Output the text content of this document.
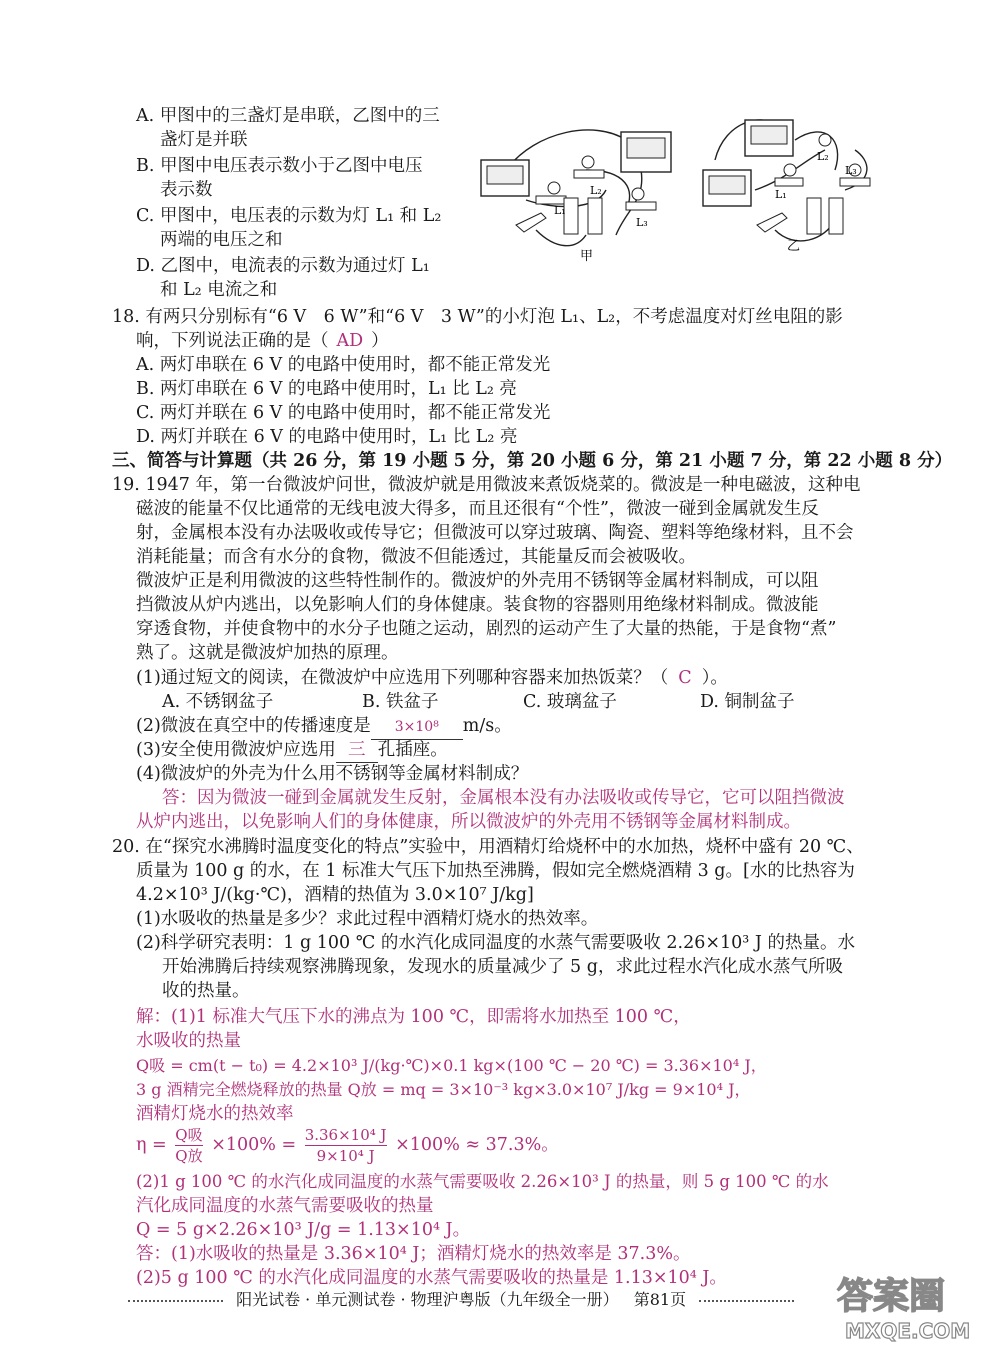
A. 甲图中的三盏灯是串联，乙图中的三
盏灯是并联
B. 甲图中电压表示数小于乙图中电压
表示数
C. 甲图中，电压表的示数为灯 L₁ 和 L₂
两端的电压之和
D. 乙图中，电流表的示数为通过灯 L₁
和 L₂ 电流之和
L₁
L₂
L₃
甲
L₁
L₂
L₃
乙
18. 有两只分别标有“6 V　6 W”和“6 V　3 W”的小灯泡 L₁、L₂，不考虑温度对灯丝电阻的影
响，下列说法正确的是（ AD ）
A. 两灯串联在 6 V 的电路中使用时，都不能正常发光
B. 两灯串联在 6 V 的电路中使用时，L₁ 比 L₂ 亮
C. 两灯并联在 6 V 的电路中使用时，都不能正常发光
D. 两灯并联在 6 V 的电路中使用时，L₁ 比 L₂ 亮
三、简答与计算题（共 26 分，第 19 小题 5 分，第 20 小题 6 分，第 21 小题 7 分，第 22 小题 8 分）
19. 1947 年，第一台微波炉问世，微波炉就是用微波来煮饭烧菜的。微波是一种电磁波，这种电
磁波的能量不仅比通常的无线电波大得多，而且还很有“个性”，微波一碰到金属就发生反
射，金属根本没有办法吸收或传导它；但微波可以穿过玻璃、陶瓷、塑料等绝缘材料，且不会
消耗能量；而含有水分的食物，微波不但能透过，其能量反而会被吸收。
微波炉正是利用微波的这些特性制作的。微波炉的外壳用不锈钢等金属材料制成，可以阻
挡微波从炉内逃出，以免影响人们的身体健康。装食物的容器则用绝缘材料制成。微波能
穿透食物，并使食物中的水分子也随之运动，剧烈的运动产生了大量的热能，于是食物“煮”
熟了。这就是微波炉加热的原理。
(1)通过短文的阅读，在微波炉中应选用下列哪种容器来加热饭菜？（ C ）。
A. 不锈钢盆子	B. 铁盆子	C. 玻璃盆子	D. 铜制盆子
(2)微波在真空中的传播速度是 3×10⁸ m/s。
(3)安全使用微波炉应选用 三 孔插座。
(4)微波炉的外壳为什么用不锈钢等金属材料制成？
答：因为微波一碰到金属就发生反射，金属根本没有办法吸收或传导它，它可以阻挡微波
从炉内逃出，以免影响人们的身体健康，所以微波炉的外壳用不锈钢等金属材料制成。
20. 在“探究水沸腾时温度变化的特点”实验中，用酒精灯给烧杯中的水加热，烧杯中盛有 20 ℃、
质量为 100 g 的水，在 1 标准大气压下加热至沸腾，假如完全燃烧酒精 3 g。[水的比热容为
4.2×10³ J/(kg·℃)，酒精的热值为 3.0×10⁷ J/kg]
(1)水吸收的热量是多少？求此过程中酒精灯烧水的热效率。
(2)科学研究表明：1 g 100 ℃ 的水汽化成同温度的水蒸气需要吸收 2.26×10³ J 的热量。水
开始沸腾后持续观察沸腾现象，发现水的质量减少了 5 g，求此过程水汽化成水蒸气所吸
收的热量。
解：(1)1 标准大气压下水的沸点为 100 ℃，即需将水加热至 100 ℃，
水吸收的热量
Q吸 = cm(t − t₀) = 4.2×10³ J/(kg·℃)×0.1 kg×(100 ℃ − 20 ℃) = 3.36×10⁴ J，
3 g 酒精完全燃烧释放的热量 Q放 = mq = 3×10⁻³ kg×3.0×10⁷ J/kg = 9×10⁴ J，
酒精灯烧水的热效率
$\eta = \frac{\text{Q吸}}{\text{Q放}} \times 100\% = \frac{\text{3.36×10⁴ J}}{\text{9×10⁴ J}} \times 100\% \approx 37.3\%$。
(2)1 g 100 ℃ 的水汽化成同温度的水蒸气需要吸收 2.26×10³ J 的热量，则 5 g 100 ℃ 的水
汽化成同温度的水蒸气需要吸收的热量
Q = 5 g×2.26×10³ J/g = 1.13×10⁴ J。
答：(1)水吸收的热量是 3.36×10⁴ J；酒精灯烧水的热效率是 37.3%。
(2)5 g 100 ℃ 的水汽化成同温度的水蒸气需要吸收的热量是 1.13×10⁴ J。
阳光试卷 · 单元测试卷 · 物理沪粤版（九年级全一册） 第81页	答案圈
MXQE.COM
